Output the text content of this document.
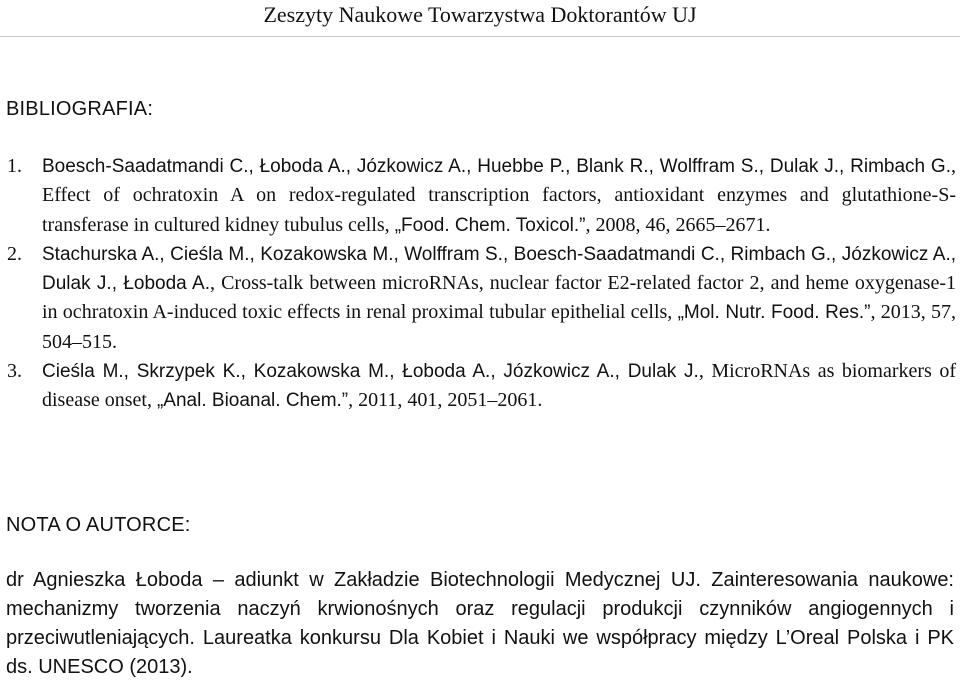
Zeszyty Naukowe Towarzystwa Doktorantów UJ
BIBLIOGRAFIA:
1. Boesch-Saadatmandi C., Łoboda A., Józkowicz A., Huebbe P., Blank R., Wolffram S., Dulak J., Rimbach G., Effect of ochratoxin A on redox-regulated transcription factors, antioxidant enzymes and glutathione-S-transferase in cultured kidney tubulus cells, „Food. Chem. Toxicol.”, 2008, 46, 2665–2671.
2. Stachurska A., Cieśla M., Kozakowska M., Wolffram S., Boesch-Saadatmandi C., Rimbach G., Józkowicz A., Dulak J., Łoboda A., Cross-talk between microRNAs, nuclear factor E2-related factor 2, and heme oxygenase-1 in ochratoxin A-induced toxic effects in renal proximal tubular epithelial cells, „Mol. Nutr. Food. Res.”, 2013, 57, 504–515.
3. Cieśla M., Skrzypek K., Kozakowska M., Łoboda A., Józkowicz A., Dulak J., MicroRNAs as biomarkers of disease onset, „Anal. Bioanal. Chem.”, 2011, 401, 2051–2061.
NOTA O AUTORCE:

dr Agnieszka Łoboda – adiunkt w Zakładzie Biotechnologii Medycznej UJ. Zainteresowania naukowe: mechanizmy tworzenia naczyń krwionośnych oraz regulacji produkcji czynników angiogennych i przeciwutleniających. Laureatka konkursu Dla Kobiet i Nauki we współpracy między L’Oreal Polska i PK ds. UNESCO (2013).
